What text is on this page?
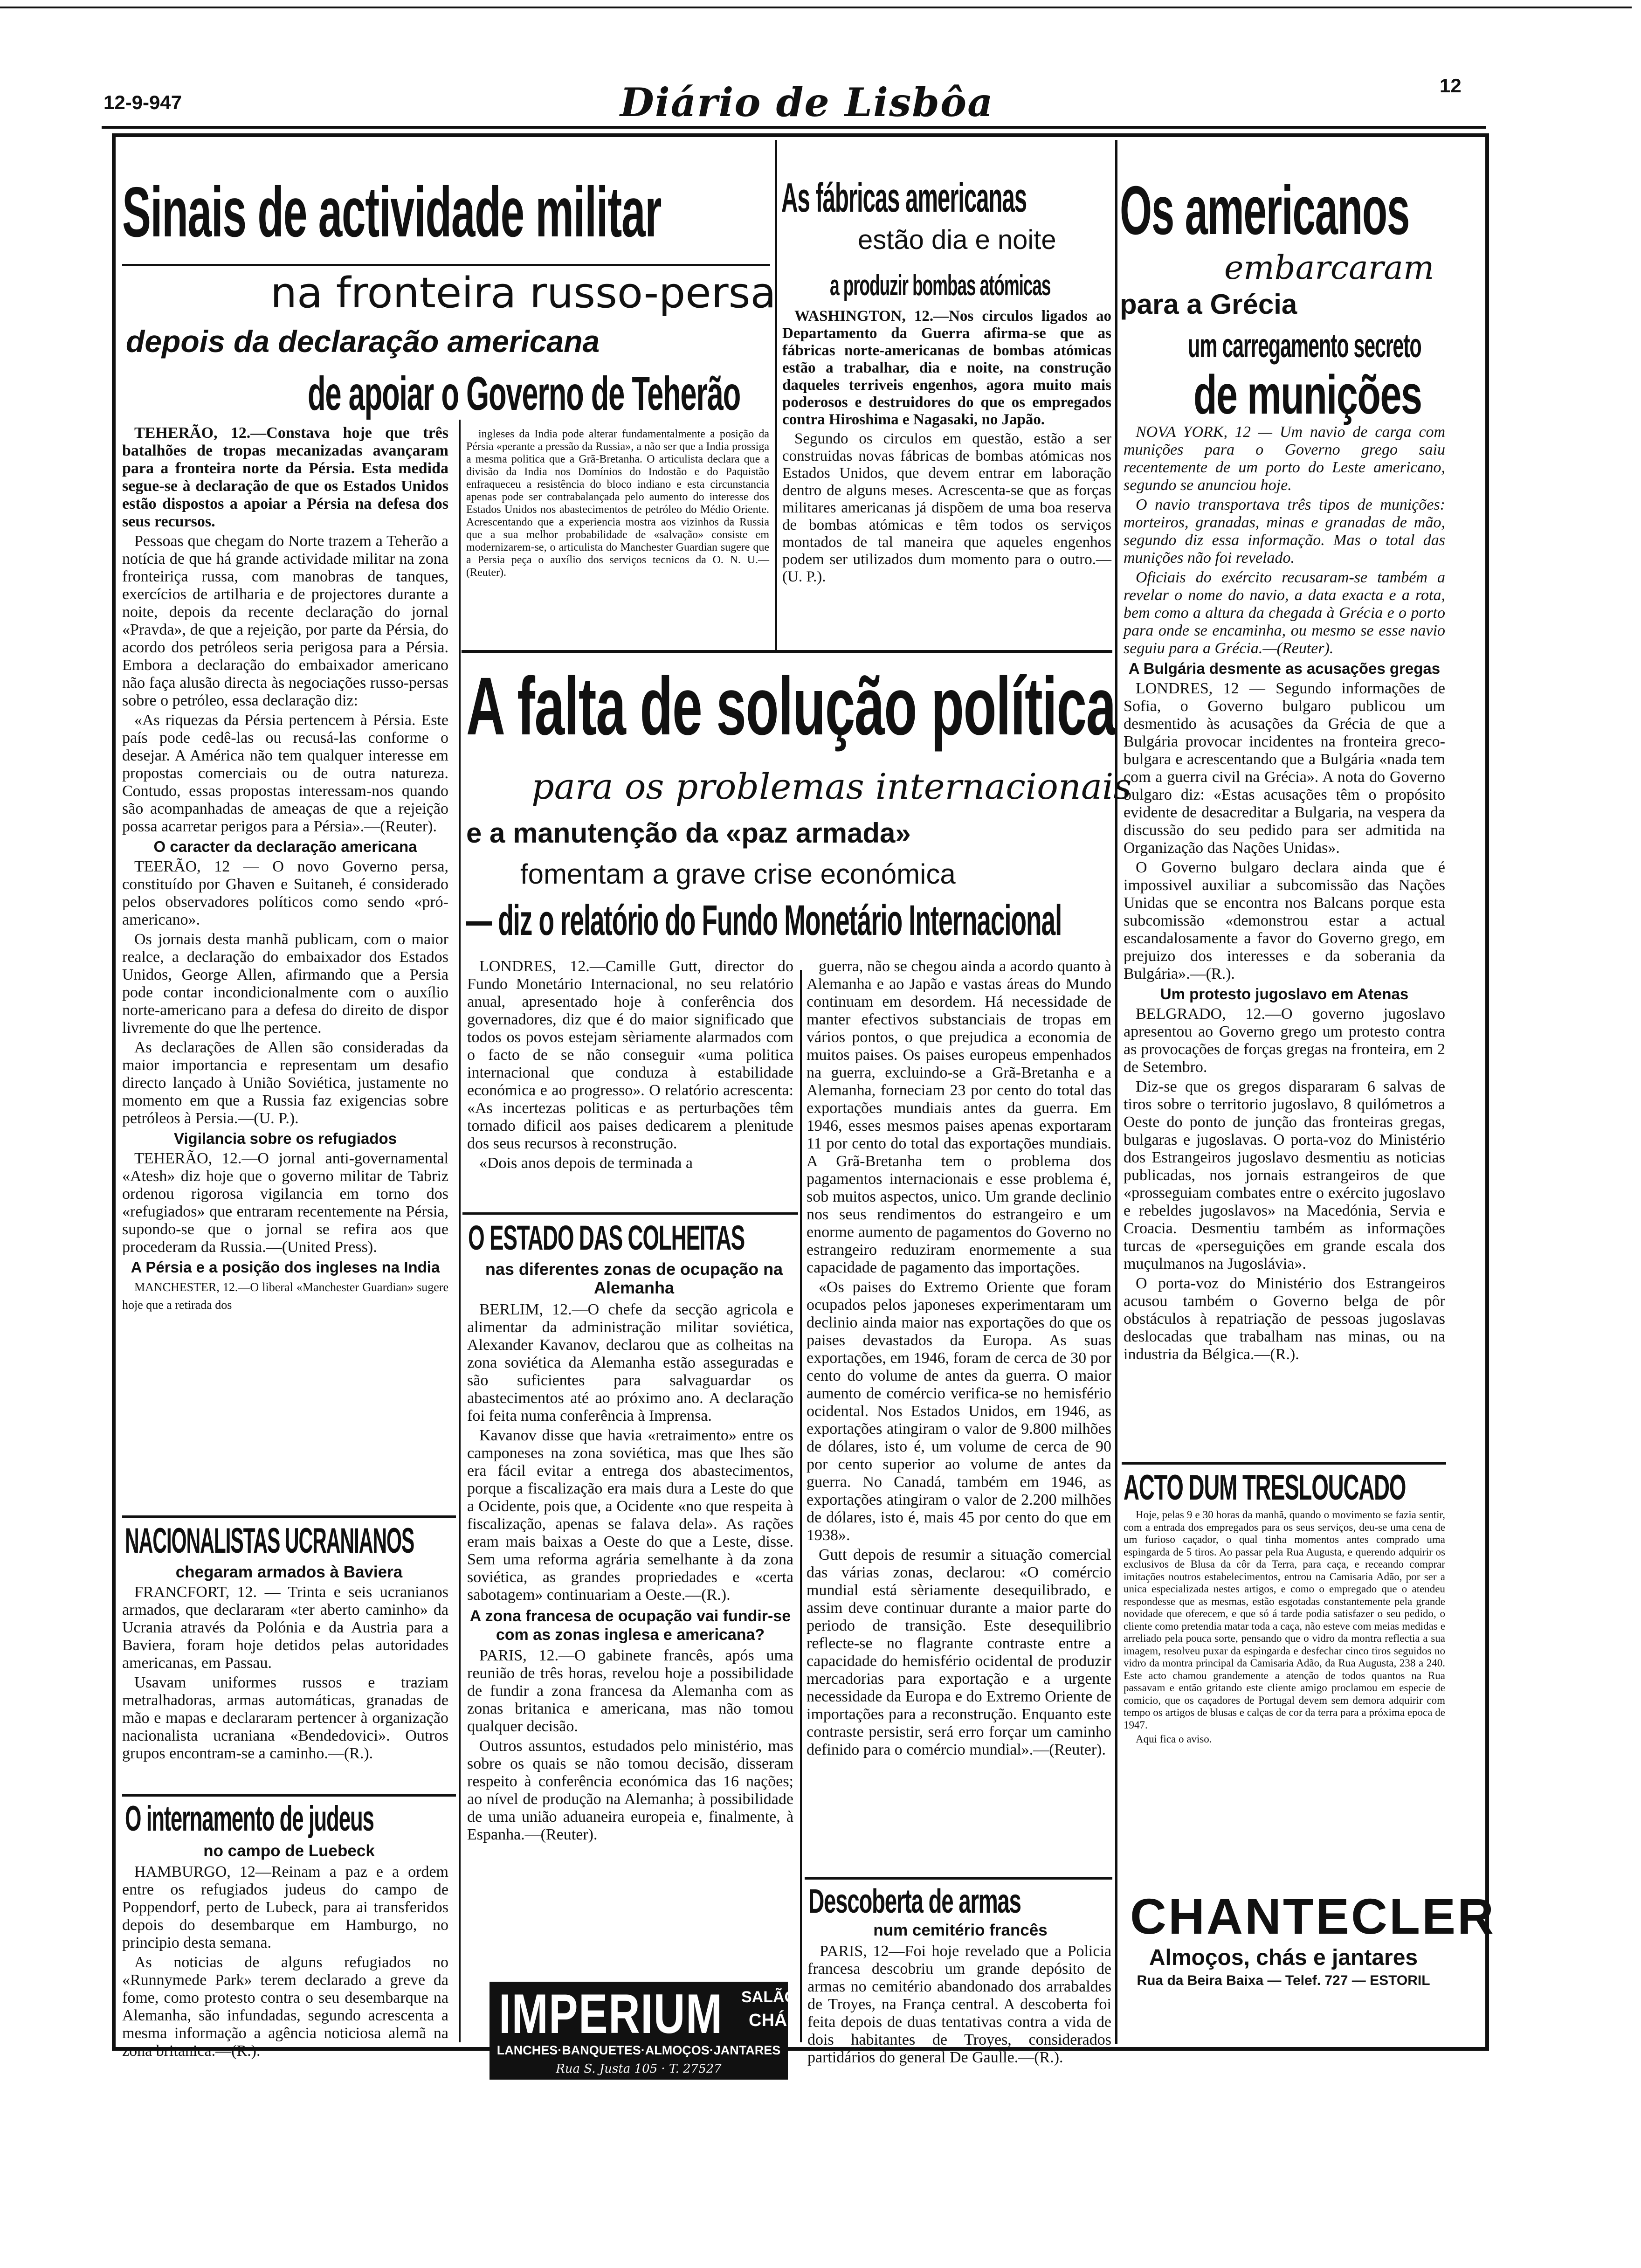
12-9-947	Diário de Lisbôa	12
Sinais de actividade militar
na fronteira russo-persa
depois da declaração americana
de apoiar o Governo de Teherão

TEHERÃO, 12.—Constava hoje que três batalhões de tropas mecanizadas avançaram para a fronteira norte da Pérsia. Esta medida segue-se à declaração de que os Estados Unidos estão dispostos a apoiar a Pérsia na defesa dos seus recursos.

Pessoas que chegam do Norte trazem a Teherão a notícia de que há grande actividade militar na zona fronteiriça russa, com manobras de tanques, exercícios de artilharia e de projectores durante a noite, depois da recente declaração do jornal «Pravda», de que a rejeição, por parte da Pérsia, do acordo dos petróleos seria perigosa para a Pérsia. Embora a declaração do embaixador americano não faça alusão directa às negociações russo-persas sobre o petróleo, essa declaração diz:

«As riquezas da Pérsia pertencem à Pérsia. Este país pode cedê-las ou recusá-las conforme o desejar. A América não tem qualquer interesse em propostas comerciais ou de outra natureza. Contudo, essas propostas interessam-nos quando são acompanhadas de ameaças de que a rejeição possa acarretar perigos para a Pérsia».—(Reuter).

O caracter da declaração americana

TEERÃO, 12 — O novo Governo persa, constituído por Ghaven e Suitaneh, é considerado pelos observadores políticos como sendo «pró-americano».

Os jornais desta manhã publicam, com o maior realce, a declaração do embaixador dos Estados Unidos, George Allen, afirmando que a Persia pode contar incondicionalmente com o auxílio norte-americano para a defesa do direito de dispor livremente do que lhe pertence.

As declarações de Allen são consideradas da maior importancia e representam um desafio directo lançado à União Soviética, justamente no momento em que a Russia faz exigencias sobre petróleos à Persia.—(U. P.).

Vigilancia sobre os refugiados

TEHERÃO, 12.—O jornal anti-governamental «Atesh» diz hoje que o governo militar de Tabriz ordenou rigorosa vigilancia em torno dos «refugiados» que entraram recentemente na Pérsia, supondo-se que o jornal se refira aos que procederam da Russia.—(United Press).

A Pérsia e a posição dos ingleses na India

MANCHESTER, 12.—O liberal «Manchester Guardian» sugere hoje que a retirada dos

ingleses da India pode alterar fundamentalmente a posição da Pérsia «perante a pressão da Russia», a não ser que a India prossiga a mesma politica que a Grã-Bretanha. O articulista declara que a divisão da India nos Domínios do Indostão e do Paquistão enfraqueceu a resistência do bloco indiano e esta circunstancia apenas pode ser contrabalançada pelo aumento do interesse dos Estados Unidos nos abastecimentos de petróleo do Médio Oriente. Acrescentando que a experiencia mostra aos vizinhos da Russia que a sua melhor probabilidade de «salvação» consiste em modernizarem-se, o articulista do Manchester Guardian sugere que a Persia peça o auxílio dos serviços tecnicos da O. N. U.—(Reuter).

As fábricas americanas
estão dia e noite
a produzir bombas atómicas

WASHINGTON, 12.—Nos circulos ligados ao Departamento da Guerra afirma-se que as fábricas norte-americanas de bombas atómicas estão a trabalhar, dia e noite, na construção daqueles terriveis engenhos, agora muito mais poderosos e destruidores do que os empregados contra Hiroshima e Nagasaki, no Japão.

Segundo os circulos em questão, estão a ser construidas novas fábricas de bombas atómicas nos Estados Unidos, que devem entrar em laboração dentro de alguns meses. Acrescenta-se que as forças militares americanas já dispõem de uma boa reserva de bombas atómicas e têm todos os serviços montados de tal maneira que aqueles engenhos podem ser utilizados dum momento para o outro.—(U. P.).

Os americanos
embarcaram
para a Grécia
um carregamento secreto
de munições

NOVA YORK, 12 — Um navio de carga com munições para o Governo grego saiu recentemente de um porto do Leste americano, segundo se anunciou hoje.

O navio transportava três tipos de munições: morteiros, granadas, minas e granadas de mão, segundo diz essa informação. Mas o total das munições não foi revelado.

Oficiais do exército recusaram-se também a revelar o nome do navio, a data exacta e a rota, bem como a altura da chegada à Grécia e o porto para onde se encaminha, ou mesmo se esse navio seguiu para a Grécia.—(Reuter).

A Bulgária desmente as acusações gregas

LONDRES, 12 — Segundo informações de Sofia, o Governo bulgaro publicou um desmentido às acusações da Grécia de que a Bulgária provocar incidentes na fronteira greco-bulgara e acrescentando que a Bulgária «nada tem com a guerra civil na Grécia». A nota do Governo bulgaro diz: «Estas acusações têm o propósito evidente de desacreditar a Bulgaria, na vespera da discussão do seu pedido para ser admitida na Organização das Nações Unidas».

O Governo bulgaro declara ainda que é impossivel auxiliar a subcomissão das Nações Unidas que se encontra nos Balcans porque esta subcomissão «demonstrou estar a actual escandalosamente a favor do Governo grego, em prejuizo dos interesses e da soberania da Bulgária».—(R.).

Um protesto jugoslavo em Atenas

BELGRADO, 12.—O governo jugoslavo apresentou ao Governo grego um protesto contra as provocações de forças gregas na fronteira, em 2 de Setembro.

Diz-se que os gregos dispararam 6 salvas de tiros sobre o territorio jugoslavo, 8 quilómetros a Oeste do ponto de junção das fronteiras gregas, bulgaras e jugoslavas. O porta-voz do Ministério dos Estrangeiros jugoslavo desmentiu as noticias publicadas, nos jornais estrangeiros de que «prosseguiam combates entre o exército jugoslavo e rebeldes jugoslavos» na Macedónia, Servia e Croacia. Desmentiu também as informações turcas de «perseguições em grande escala dos muçulmanos na Jugoslávia».

O porta-voz do Ministério dos Estrangeiros acusou também o Governo belga de pôr obstáculos à repatriação de pessoas jugoslavas deslocadas que trabalham nas minas, ou na industria da Bélgica.—(R.).

ACTO DUM TRESLOUCADO

Hoje, pelas 9 e 30 horas da manhã, quando o movimento se fazia sentir, com a entrada dos empregados para os seus serviços, deu-se uma cena de um furioso caçador, o qual tinha momentos antes comprado uma espingarda de 5 tiros. Ao passar pela Rua Augusta, e querendo adquirir os exclusivos de Blusa da côr da Terra, para caça, e receando comprar imitações noutros estabelecimentos, entrou na Camisaria Adão, por ser a unica especializada nestes artigos, e como o empregado que o atendeu respondesse que as mesmas, estão esgotadas constantemente pela grande novidade que oferecem, e que só á tarde podia satisfazer o seu pedido, o cliente como pretendia matar toda a caça, não esteve com meias medidas e arreliado pela pouca sorte, pensando que o vidro da montra reflectia a sua imagem, resolveu puxar da espingarda e desfechar cinco tiros seguidos no vidro da montra principal da Camisaria Adão, da Rua Augusta, 238 a 240. Este acto chamou grandemente a atenção de todos quantos na Rua passavam e então gritando este cliente amigo proclamou em especie de comicio, que os caçadores de Portugal devem sem demora adquirir com tempo os artigos de blusas e calças de cor da terra para a próxima epoca de 1947.

Aqui fica o aviso.

CHANTECLER
Almoços, chás e jantares
Rua da Beira Baixa — Telef. 727 — ESTORIL
A falta de solução política
para os problemas internacionais
e a manutenção da «paz armada»
fomentam a grave crise económica
— diz o relatório do Fundo Monetário Internacional

LONDRES, 12.—Camille Gutt, director do Fundo Monetário Internacional, no seu relatório anual, apresentado hoje à conferência dos governadores, diz que é do maior significado que todos os povos estejam sèriamente alarmados com o facto de se não conseguir «uma politica internacional que conduza à estabilidade económica e ao progresso». O relatório acrescenta: «As incertezas politicas e as perturbações têm tornado dificil aos paises dedicarem a plenitude dos seus recursos à reconstrução.

«Dois anos depois de terminada a

guerra, não se chegou ainda a acordo quanto à Alemanha e ao Japão e vastas áreas do Mundo continuam em desordem. Há necessidade de manter efectivos substanciais de tropas em vários pontos, o que prejudica a economia de muitos paises. Os paises europeus empenhados na guerra, excluindo-se a Grã-Bretanha e a Alemanha, forneciam 23 por cento do total das exportações mundiais antes da guerra. Em 1946, esses mesmos paises apenas exportaram 11 por cento do total das exportações mundiais. A Grã-Bretanha tem o problema dos pagamentos internacionais e esse problema é, sob muitos aspectos, unico. Um grande declinio nos seus rendimentos do estrangeiro e um enorme aumento de pagamentos do Governo no estrangeiro reduziram enormemente a sua capacidade de pagamento das importações.

«Os paises do Extremo Oriente que foram ocupados pelos japoneses experimentaram um declinio ainda maior nas exportações do que os paises devastados da Europa. As suas exportações, em 1946, foram de cerca de 30 por cento do volume de antes da guerra. O maior aumento de comércio verifica-se no hemisfério ocidental. Nos Estados Unidos, em 1946, as exportações atingiram o valor de 9.800 milhões de dólares, isto é, um volume de cerca de 90 por cento superior ao volume de antes da guerra. No Canadá, também em 1946, as exportações atingiram o valor de 2.200 milhões de dólares, isto é, mais 45 por cento do que em 1938».

Gutt depois de resumir a situação comercial das várias zonas, declarou: «O comércio mundial está sèriamente desequilibrado, e assim deve continuar durante a maior parte do periodo de transição. Este desequilibrio reflecte-se no flagrante contraste entre a capacidade do hemisfério ocidental de produzir mercadorias para exportação e a urgente necessidade da Europa e do Extremo Oriente de importações para a reconstrução. Enquanto este contraste persistir, será erro forçar um caminho definido para o comércio mundial».—(Reuter).

O ESTADO DAS COLHEITAS
nas diferentes zonas de ocupação na Alemanha

BERLIM, 12.—O chefe da secção agricola e alimentar da administração militar soviética, Alexander Kavanov, declarou que as colheitas na zona soviética da Alemanha estão asseguradas e são suficientes para salvaguardar os abastecimentos até ao próximo ano. A declaração foi feita numa conferência à Imprensa.

Kavanov disse que havia «retraimento» entre os camponeses na zona soviética, mas que lhes são era fácil evitar a entrega dos abastecimentos, porque a fiscalização era mais dura a Leste do que a Ocidente, pois que, a Ocidente «no que respeita à fiscalização, apenas se falava dela». As rações eram mais baixas a Oeste do que a Leste, disse. Sem uma reforma agrária semelhante à da zona soviética, as grandes propriedades e «certa sabotagem» continuariam a Oeste.—(R.).

A zona francesa de ocupação vai fundir-se com as zonas inglesa e americana?

PARIS, 12.—O gabinete francês, após uma reunião de três horas, revelou hoje a possibilidade de fundir a zona francesa da Alemanha com as zonas britanica e americana, mas não tomou qualquer decisão.

Outros assuntos, estudados pelo ministério, mas sobre os quais se não tomou decisão, disseram respeito à conferência económica das 16 nações; ao nível de produção na Alemanha; à possibilidade de uma união aduaneira europeia e, finalmente, à Espanha.—(Reuter).

IMPERIUM SALÃO
CHÁ
LANCHES·BANQUETES·ALMOÇOS·JANTARES
Rua S. Justa 105 · T. 27527
NACIONALISTAS UCRANIANOS
chegaram armados à Baviera

FRANCFORT, 12. — Trinta e seis ucranianos armados, que declararam «ter aberto caminho» da Ucrania através da Polónia e da Austria para a Baviera, foram hoje detidos pelas autoridades americanas, em Passau.

Usavam uniformes russos e traziam metralhadoras, armas automáticas, granadas de mão e mapas e declararam pertencer à organização nacionalista ucraniana «Bendedovici». Outros grupos encontram-se a caminho.—(R.).

O internamento de judeus
no campo de Luebeck

HAMBURGO, 12—Reinam a paz e a ordem entre os refugiados judeus do campo de Poppendorf, perto de Lubeck, para ai transferidos depois do desembarque em Hamburgo, no principio desta semana.

As noticias de alguns refugiados no «Runnymede Park» terem declarado a greve da fome, como protesto contra o seu desembarque na Alemanha, são infundadas, segundo acrescenta a mesma informação a agência noticiosa alemã na zona britanica.—(R.).

Descoberta de armas
num cemitério francês

PARIS, 12—Foi hoje revelado que a Policia francesa descobriu um grande depósito de armas no cemitério abandonado dos arrabaldes de Troyes, na França central. A descoberta foi feita depois de duas tentativas contra a vida de dois habitantes de Troyes, considerados partidários do general De Gaulle.—(R.).
